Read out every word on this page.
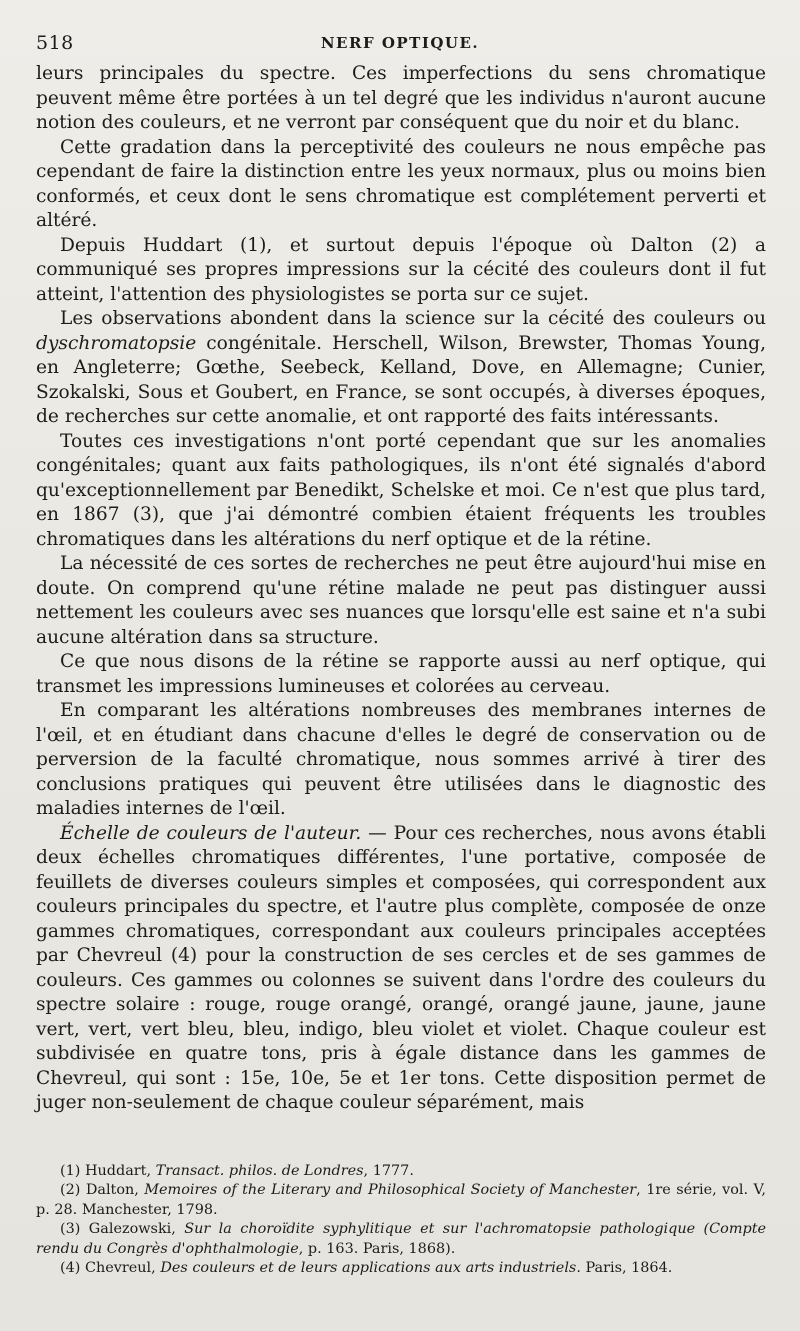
518	NERF OPTIQUE.

leurs principales du spectre. Ces imperfections du sens chromatique peuvent même être portées à un tel degré que les individus n'auront aucune notion des couleurs, et ne verront par conséquent que du noir et du blanc.

Cette gradation dans la perceptivité des couleurs ne nous empêche pas cependant de faire la distinction entre les yeux normaux, plus ou moins bien conformés, et ceux dont le sens chromatique est complétement perverti et altéré.

Depuis Huddart (1), et surtout depuis l'époque où Dalton (2) a communiqué ses propres impressions sur la cécité des couleurs dont il fut atteint, l'attention des physiologistes se porta sur ce sujet.

Les observations abondent dans la science sur la cécité des couleurs ou dyschromatopsie congénitale. Herschell, Wilson, Brewster, Thomas Young, en Angleterre; Gœthe, Seebeck, Kelland, Dove, en Allemagne; Cunier, Szokalski, Sous et Goubert, en France, se sont occupés, à diverses époques, de recherches sur cette anomalie, et ont rapporté des faits intéressants.

Toutes ces investigations n'ont porté cependant que sur les anomalies congénitales; quant aux faits pathologiques, ils n'ont été signalés d'abord qu'exceptionnellement par Benedikt, Schelske et moi. Ce n'est que plus tard, en 1867 (3), que j'ai démontré combien étaient fréquents les troubles chromatiques dans les altérations du nerf optique et de la rétine.

La nécessité de ces sortes de recherches ne peut être aujourd'hui mise en doute. On comprend qu'une rétine malade ne peut pas distinguer aussi nettement les couleurs avec ses nuances que lorsqu'elle est saine et n'a subi aucune altération dans sa structure.

Ce que nous disons de la rétine se rapporte aussi au nerf optique, qui transmet les impressions lumineuses et colorées au cerveau.

En comparant les altérations nombreuses des membranes internes de l'œil, et en étudiant dans chacune d'elles le degré de conservation ou de perversion de la faculté chromatique, nous sommes arrivé à tirer des conclusions pratiques qui peuvent être utilisées dans le diagnostic des maladies internes de l'œil.

Échelle de couleurs de l'auteur. — Pour ces recherches, nous avons établi deux échelles chromatiques différentes, l'une portative, composée de feuillets de diverses couleurs simples et composées, qui correspondent aux couleurs principales du spectre, et l'autre plus complète, composée de onze gammes chromatiques, correspondant aux couleurs principales acceptées par Chevreul (4) pour la construction de ses cercles et de ses gammes de couleurs. Ces gammes ou colonnes se suivent dans l'ordre des couleurs du spectre solaire : rouge, rouge orangé, orangé, orangé jaune, jaune, jaune vert, vert, vert bleu, bleu, indigo, bleu violet et violet. Chaque couleur est subdivisée en quatre tons, pris à égale distance dans les gammes de Chevreul, qui sont : 15e, 10e, 5e et 1er tons. Cette disposition permet de juger non-seulement de chaque couleur séparément, mais

(1) Huddart, Transact. philos. de Londres, 1777.

(2) Dalton, Memoires of the Literary and Philosophical Society of Manchester, 1re série, vol. V, p. 28. Manchester, 1798.

(3) Galezowski, Sur la choroïdite syphylitique et sur l'achromatopsie pathologique (Compte rendu du Congrès d'ophthalmologie, p. 163. Paris, 1868).

(4) Chevreul, Des couleurs et de leurs applications aux arts industriels. Paris, 1864.
